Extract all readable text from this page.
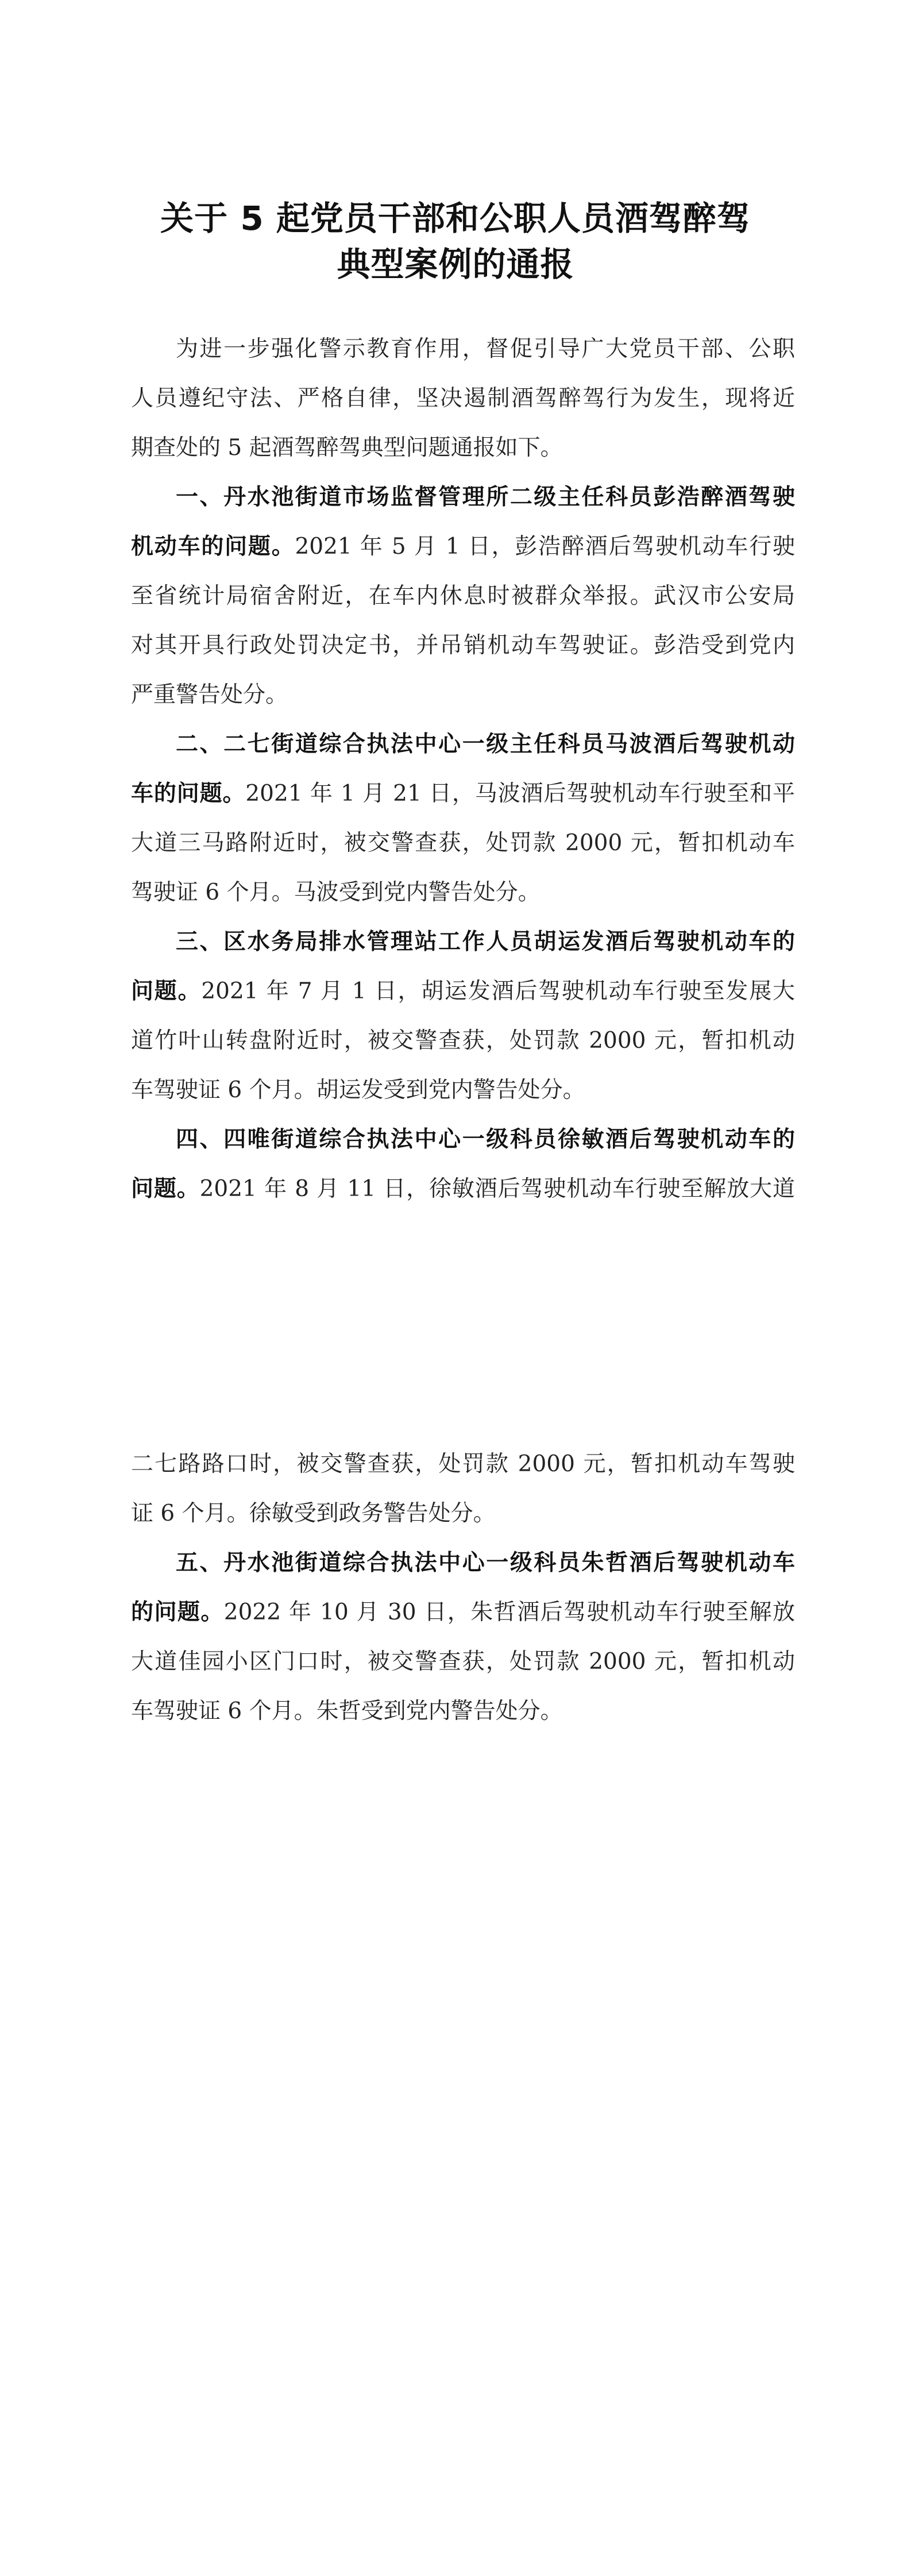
关于 5 起党员干部和公职人员酒驾醉驾
典型案例的通报
为进一步强化警示教育作用，督促引导广大党员干部、公职
人员遵纪守法、严格自律，坚决遏制酒驾醉驾行为发生，现将近
期查处的 5 起酒驾醉驾典型问题通报如下。
一、丹水池街道市场监督管理所二级主任科员彭浩醉酒驾驶
机动车的问题。2021 年 5 月 1 日，彭浩醉酒后驾驶机动车行驶
至省统计局宿舍附近，在车内休息时被群众举报。武汉市公安局
对其开具行政处罚决定书，并吊销机动车驾驶证。彭浩受到党内
严重警告处分。
二、二七街道综合执法中心一级主任科员马波酒后驾驶机动
车的问题。2021 年 1 月 21 日，马波酒后驾驶机动车行驶至和平
大道三马路附近时，被交警查获，处罚款 2000 元，暂扣机动车
驾驶证 6 个月。马波受到党内警告处分。
三、区水务局排水管理站工作人员胡运发酒后驾驶机动车的
问题。2021 年 7 月 1 日，胡运发酒后驾驶机动车行驶至发展大
道竹叶山转盘附近时，被交警查获，处罚款 2000 元，暂扣机动
车驾驶证 6 个月。胡运发受到党内警告处分。
四、四唯街道综合执法中心一级科员徐敏酒后驾驶机动车的
问题。2021 年 8 月 11 日，徐敏酒后驾驶机动车行驶至解放大道
二七路路口时，被交警查获，处罚款 2000 元，暂扣机动车驾驶
证 6 个月。徐敏受到政务警告处分。
五、丹水池街道综合执法中心一级科员朱哲酒后驾驶机动车
的问题。2022 年 10 月 30 日，朱哲酒后驾驶机动车行驶至解放
大道佳园小区门口时，被交警查获，处罚款 2000 元，暂扣机动
车驾驶证 6 个月。朱哲受到党内警告处分。
